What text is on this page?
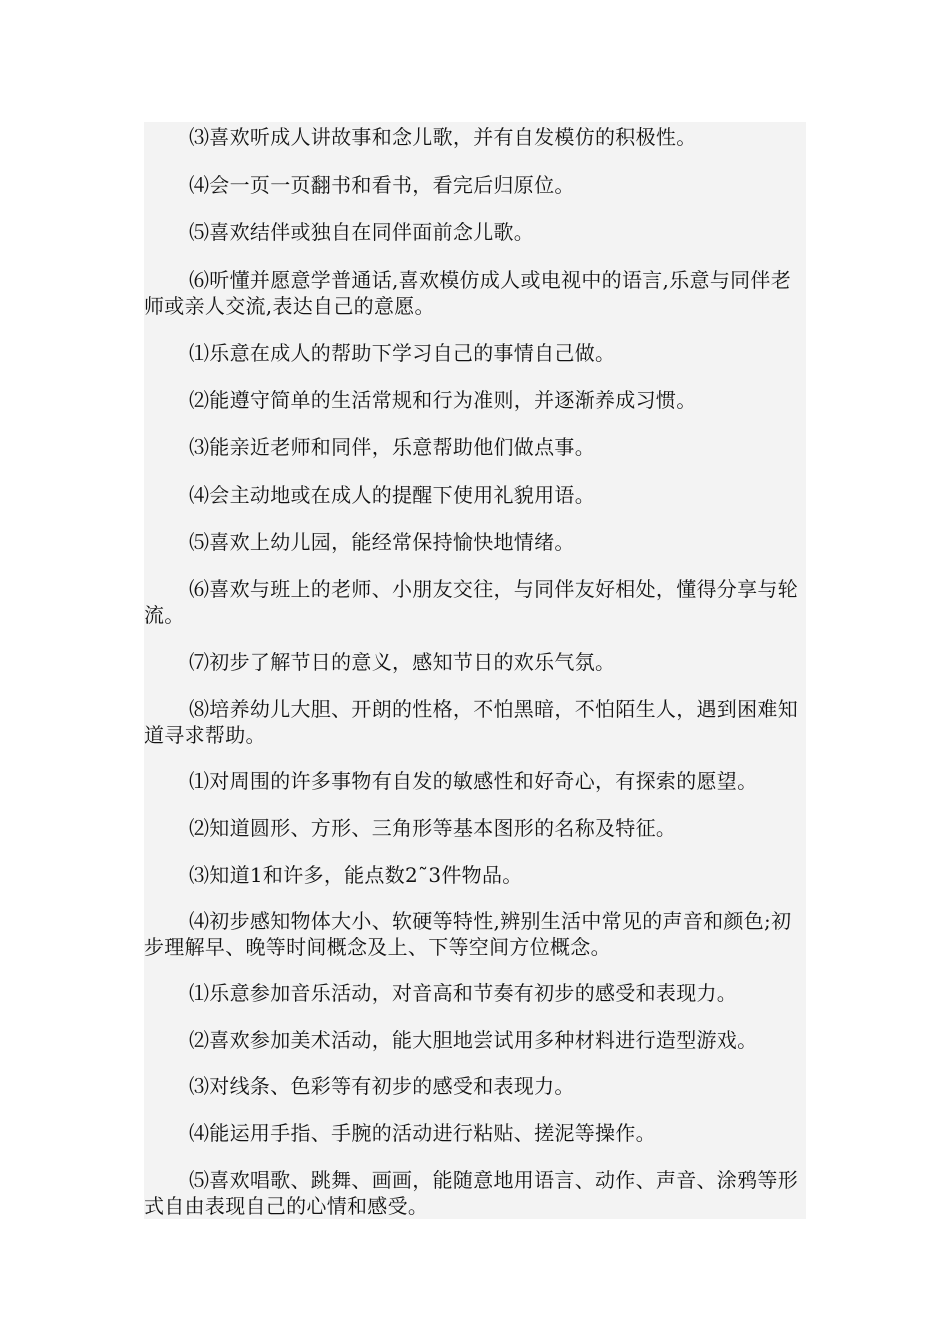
⑶喜欢听成人讲故事和念儿歌，并有自发模仿的积极性。

⑷会一页一页翻书和看书，看完后归原位。

⑸喜欢结伴或独自在同伴面前念儿歌。

⑹听懂并愿意学普通话,喜欢模仿成人或电视中的语言,乐意与同伴老师或亲人交流,表达自己的意愿。

⑴乐意在成人的帮助下学习自己的事情自己做。

⑵能遵守简单的生活常规和行为准则，并逐渐养成习惯。

⑶能亲近老师和同伴，乐意帮助他们做点事。

⑷会主动地或在成人的提醒下使用礼貌用语。

⑸喜欢上幼儿园，能经常保持愉快地情绪。

⑹喜欢与班上的老师、小朋友交往，与同伴友好相处，懂得分享与轮流。

⑺初步了解节日的意义，感知节日的欢乐气氛。

⑻培养幼儿大胆、开朗的性格，不怕黑暗，不怕陌生人，遇到困难知道寻求帮助。

⑴对周围的许多事物有自发的敏感性和好奇心，有探索的愿望。

⑵知道圆形、方形、三角形等基本图形的名称及特征。

⑶知道1和许多，能点数2˜3件物品。

⑷初步感知物体大小、软硬等特性,辨别生活中常见的声音和颜色;初步理解早、晚等时间概念及上、下等空间方位概念。

⑴乐意参加音乐活动，对音高和节奏有初步的感受和表现力。

⑵喜欢参加美术活动，能大胆地尝试用多种材料进行造型游戏。

⑶对线条、色彩等有初步的感受和表现力。

⑷能运用手指、手腕的活动进行粘贴、搓泥等操作。

⑸喜欢唱歌、跳舞、画画，能随意地用语言、动作、声音、涂鸦等形式自由表现自己的心情和感受。
